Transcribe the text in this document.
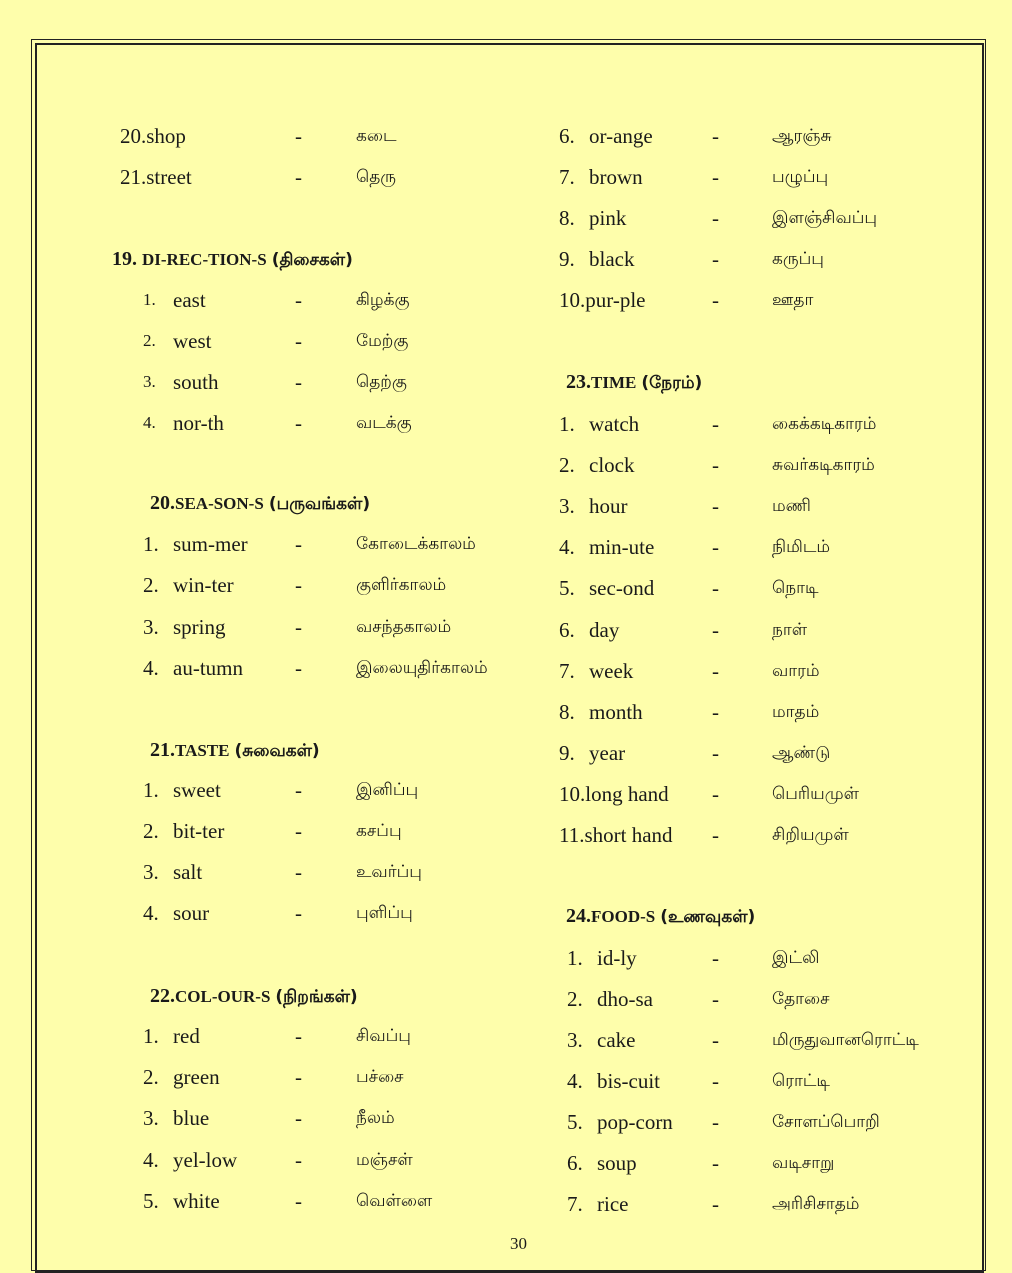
20.shop	-	கடை
21.street	-	தெரு
19. DI-REC-TION-S (திசைகள்)
1. east	-	கிழக்கு
2. west	-	மேற்கு
3. south	-	தெற்கு
4. nor-th	-	வடக்கு
20.SEA-SON-S (பருவங்கள்)
1. sum-mer -	கோடைக்காலம்
2. win-ter	-	குளிர்காலம்
3. spring	-	வசந்தகாலம்
4. au-tumn -	இலையுதிர்காலம்
21.TASTE (சுவைகள்)
1. sweet	-	இனிப்பு
2. bit-ter	-	கசப்பு
3. salt	-	உவர்ப்பு
4. sour	-	புளிப்பு
22.COL-OUR-S (நிறங்கள்)
1. red	-	சிவப்பு
2. green	-	பச்சை
3. blue	-	நீலம்
4. yel-low	-	மஞ்சள்
5. white	-	வெள்ளை
6. or-ange	-	ஆரஞ்சு
7. brown	-	பழுப்பு
8. pink	-	இளஞ்சிவப்பு
9. black	-	கருப்பு
10.pur-ple	-	ஊதா
23.TIME (நேரம்)
1. watch	-	கைக்கடிகாரம்
2. clock	-	சுவர்கடிகாரம்
3. hour	-	மணி
4. min-ute	-	நிமிடம்
5. sec-ond	-	நொடி
6. day	-	நாள்
7. week	-	வாரம்
8. month	-	மாதம்
9. year	-	ஆண்டு
10.long hand -	பெரியமுள்
11.short hand -	சிறியமுள்
24.FOOD-S (உணவுகள்)
1. id-ly	-	இட்லி
2. dho-sa	-	தோசை
3. cake	-	மிருதுவானரொட்டி
4. bis-cuit -	ரொட்டி
5. pop-corn -	சோளப்பொறி
6. soup	-	வடிசாறு
7. rice	-	அரிசிசாதம்
30
